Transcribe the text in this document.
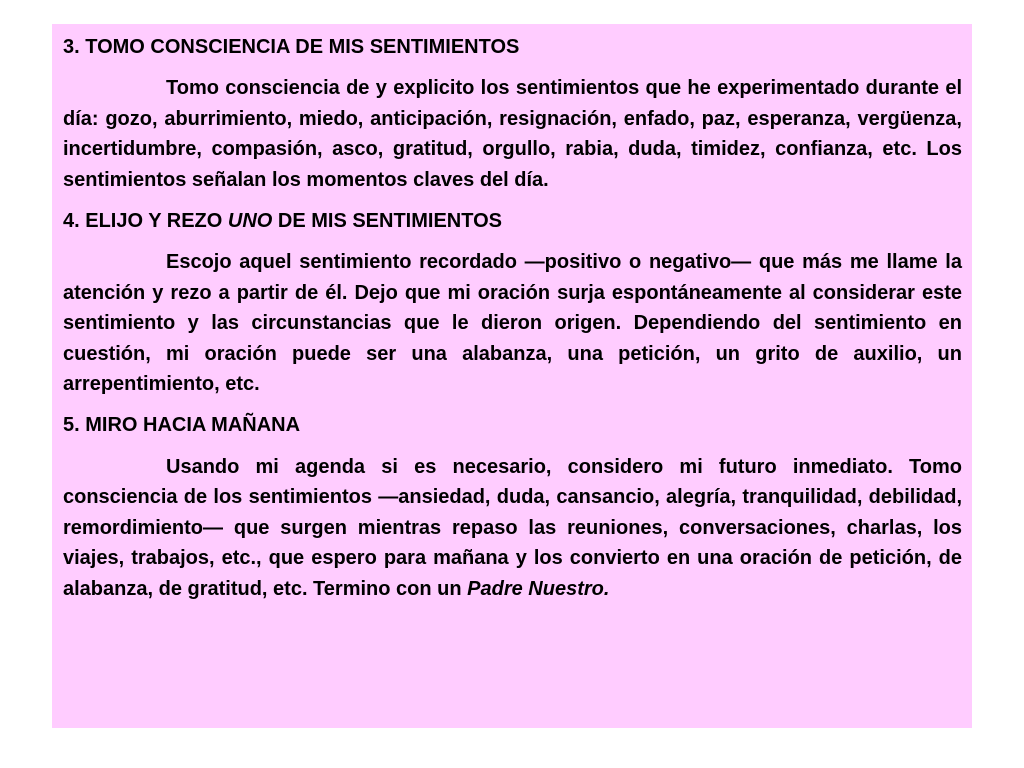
3. TOMO CONSCIENCIA DE MIS SENTIMIENTOS

Tomo consciencia de y explicito los sentimientos que he experimentado durante el día: gozo, aburrimiento, miedo, anticipación, resignación, enfado, paz, esperanza, vergüenza, incertidumbre, compasión, asco, gratitud, orgullo, rabia, duda, timidez, confianza, etc. Los sentimientos señalan los momentos claves del día.

4. ELIJO Y REZO UNO DE MIS SENTIMIENTOS

Escojo aquel sentimiento recordado —positivo o negativo— que más me llame la atención y rezo a partir de él. Dejo que mi oración surja espontáneamente al considerar este sentimiento y las circunstancias que le dieron origen. Dependiendo del sentimiento en cuestión, mi oración puede ser una alabanza, una petición, un grito de auxilio, un arrepentimiento, etc.

5. MIRO HACIA MAÑANA

Usando mi agenda si es necesario, considero mi futuro inmediato. Tomo consciencia de los sentimientos —ansiedad, duda, cansancio, alegría, tranquilidad, debilidad, remordimiento— que surgen mientras repaso las reuniones, conversaciones, charlas, los viajes, trabajos, etc., que espero para mañana y los convierto en una oración de petición, de alabanza, de gratitud, etc. Termino con un Padre Nuestro.
